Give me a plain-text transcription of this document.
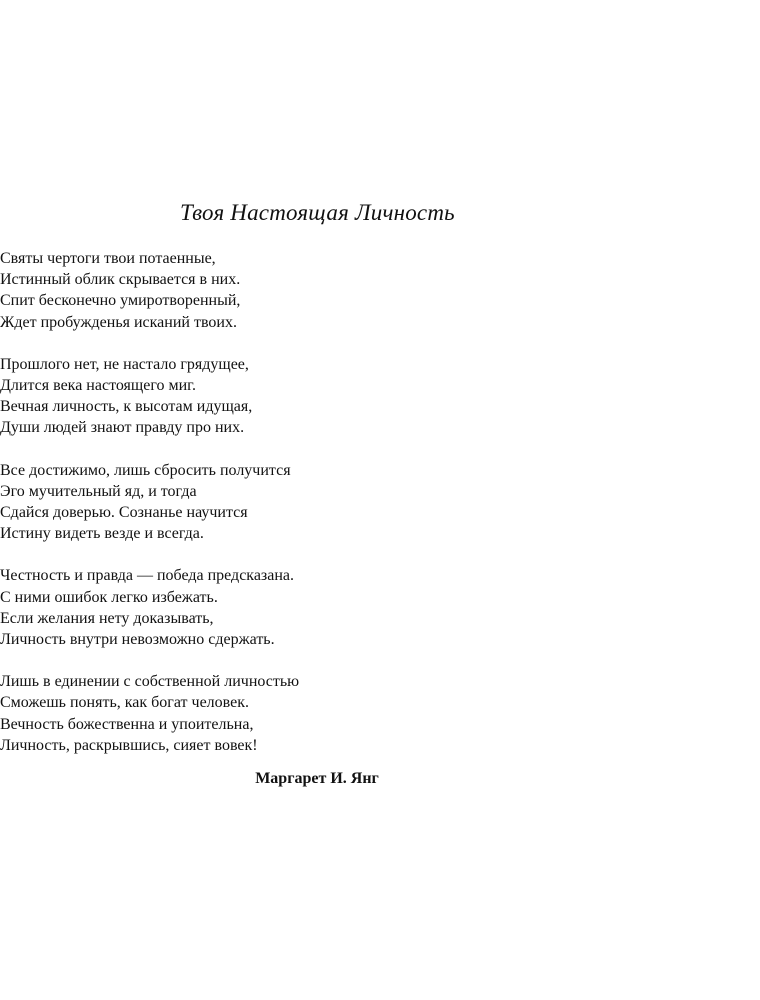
Твоя Настоящая Личность
Святы чертоги твои потаенные,
Истинный облик скрывается в них.
Спит бесконечно умиротворенный,
Ждет пробужденья исканий твоих.
Прошлого нет, не настало грядущее,
Длится века настоящего миг.
Вечная личность, к высотам идущая,
Души людей знают правду про них.
Все достижимо, лишь сбросить получится
Эго мучительный яд, и тогда
Сдайся доверью. Сознанье научится
Истину видеть везде и всегда.
Честность и правда — победа предсказана.
С ними ошибок легко избежать.
Если желания нету доказывать,
Личность внутри невозможно сдержать.
Лишь в единении с собственной личностью
Сможешь понять, как богат человек.
Вечность божественна и упоительна,
Личность, раскрывшись, сияет вовек!
Маргарет И. Янг
